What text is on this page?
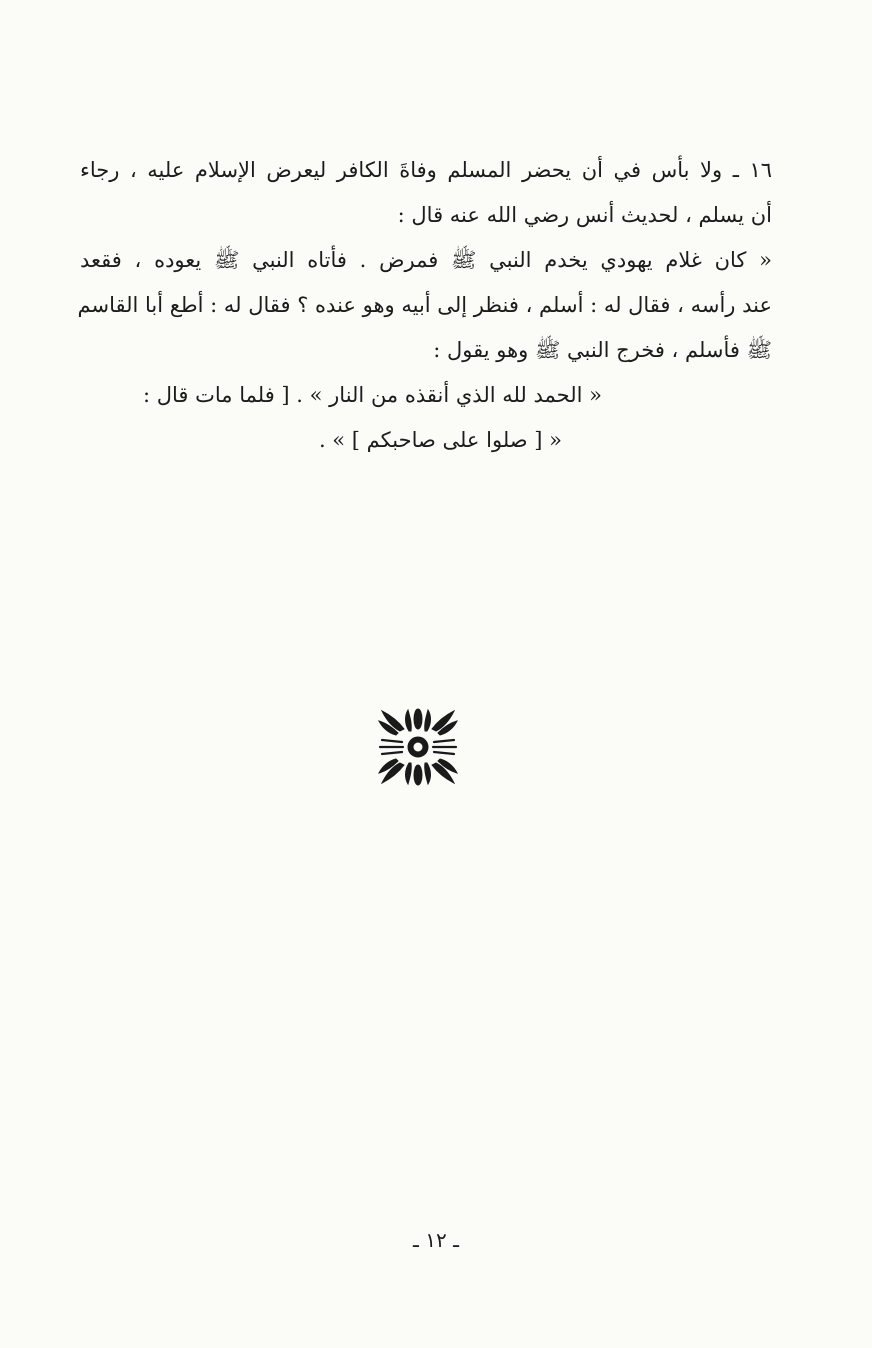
١٦ ـ ولا بأس في أن يحضر المسلم وفاةَ الكافر ليعرض الإسلام عليه ، رجاء
أن يسلم ، لحديث أنس رضي الله عنه قال :
« كان غلام يهودي يخدم النبي ﷺ فمرض . فأتاه النبي ﷺ يعوده ، فقعد
عند رأسه ، فقال له : أسلم ، فنظر إلى أبيه وهو عنده ؟ فقال له : أطع أبا القاسم
ﷺ فأسلم ، فخرج النبي ﷺ وهو يقول :
« الحمد لله الذي أنقذه من النار » . [ فلما مات قال :
« [ صلوا على صاحبكم ] » .
ـ ١٢ ـ
